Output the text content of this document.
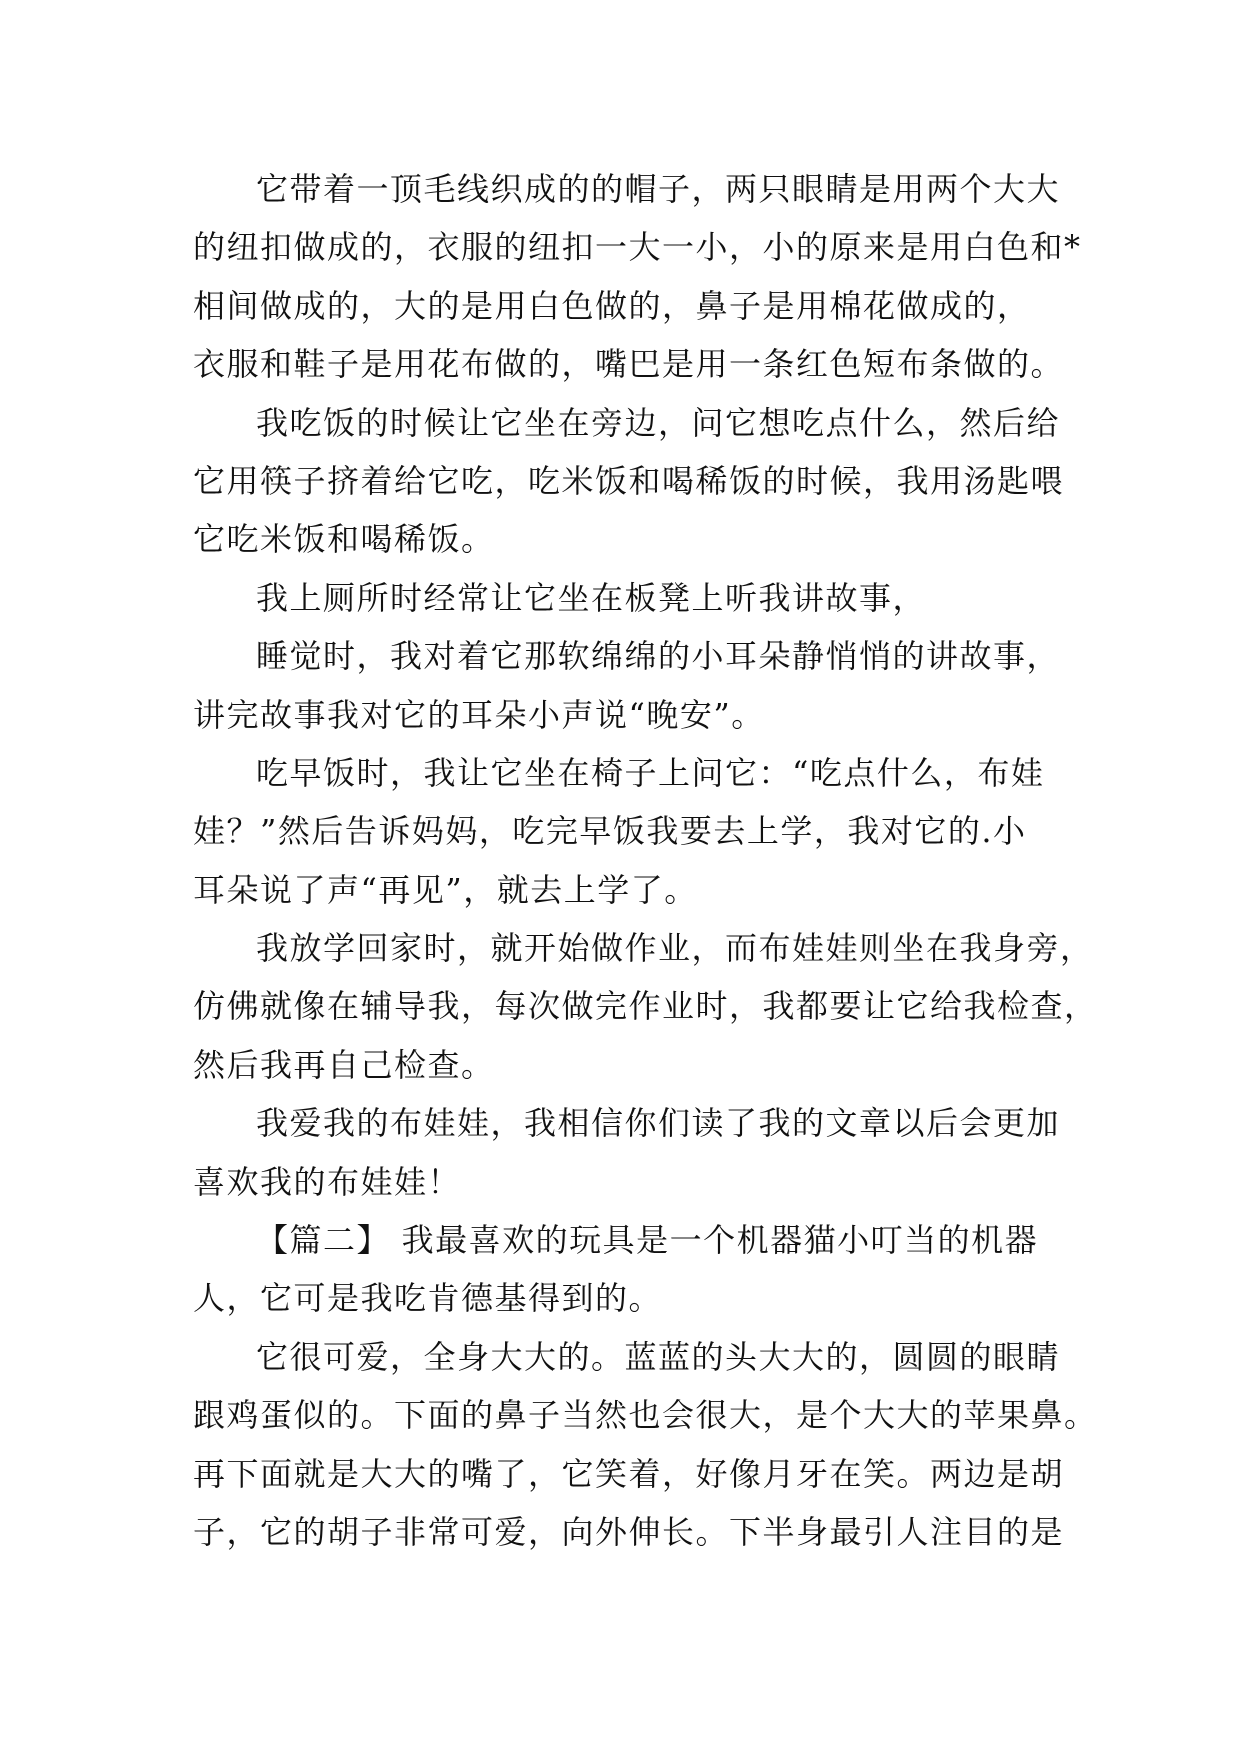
它带着一顶毛线织成的的帽子，两只眼睛是用两个大大
的纽扣做成的，衣服的纽扣一大一小，小的原来是用白色和*
相间做成的，大的是用白色做的，鼻子是用棉花做成的，
衣服和鞋子是用花布做的，嘴巴是用一条红色短布条做的。
我吃饭的时候让它坐在旁边，问它想吃点什么，然后给
它用筷子挤着给它吃，吃米饭和喝稀饭的时候，我用汤匙喂
它吃米饭和喝稀饭。
我上厕所时经常让它坐在板凳上听我讲故事，
睡觉时，我对着它那软绵绵的小耳朵静悄悄的讲故事，
讲完故事我对它的耳朵小声说“晚安”。
吃早饭时，我让它坐在椅子上问它：“吃点什么，布娃
娃？”然后告诉妈妈，吃完早饭我要去上学，我对它的.小
耳朵说了声“再见”，就去上学了。
我放学回家时，就开始做作业，而布娃娃则坐在我身旁，
仿佛就像在辅导我，每次做完作业时，我都要让它给我检查，
然后我再自己检查。
我爱我的布娃娃，我相信你们读了我的文章以后会更加
喜欢我的布娃娃！
【篇二】 我最喜欢的玩具是一个机器猫小叮当的机器
人，它可是我吃肯德基得到的。
它很可爱，全身大大的。蓝蓝的头大大的，圆圆的眼睛
跟鸡蛋似的。下面的鼻子当然也会很大，是个大大的苹果鼻。
再下面就是大大的嘴了，它笑着，好像月牙在笑。两边是胡
子，它的胡子非常可爱，向外伸长。下半身最引人注目的是
